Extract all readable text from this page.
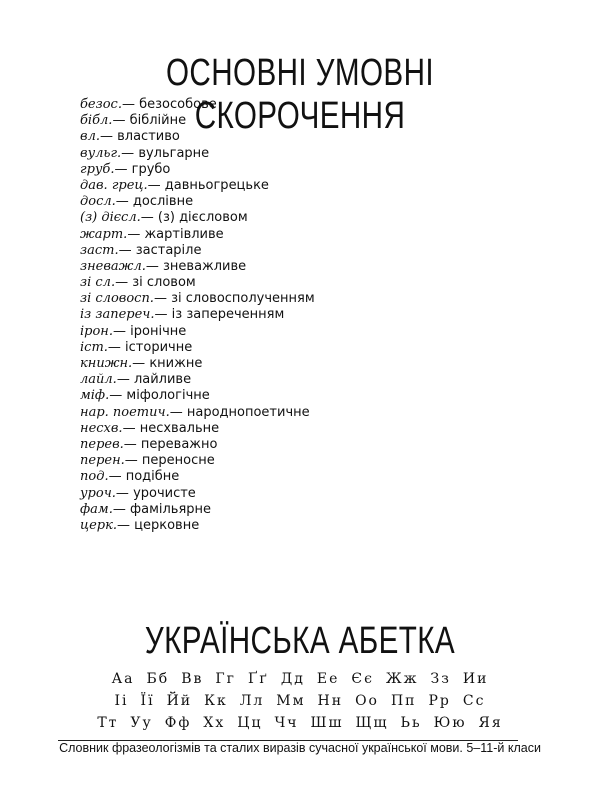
ОСНОВНІ УМОВНІ СКОРОЧЕННЯ
безос.— безособове
бібл.— біблійне
вл.— властиво
вульг.— вульгарне
груб.— грубо
дав. грец.— давньогрецьке
досл.— дослівне
(з) дієсл.— (з) дієсловом
жарт.— жартівливе
заст.— застаріле
зневажл.— зневажливе
зі сл.— зі словом
зі словосп.— зі словосполученням
із запереч.— із запереченням
ірон.— іронічне
іст.— історичне
книжн.— книжне
лайл.— лайливе
міф.— міфологічне
нар. поетич.— народнопоетичне
несхв.— несхвальне
перев.— переважно
перен.— переносне
под.— подібне
уроч.— урочисте
фам.— фамільярне
церк.— церковне
УКРАЇНСЬКА АБЕТКА
Аа Бб Вв Гг Ґґ Дд Ее Єє Жж Зз Ии
Іі Її Йй Кк Лл Мм Нн Оо Пп Рр Сс
Тт Уу Фф Хх Цц Чч Шш Щщ Ьь Юю Яя
Словник фразеологізмів та сталих виразів сучасної української мови. 5–11-й класи
